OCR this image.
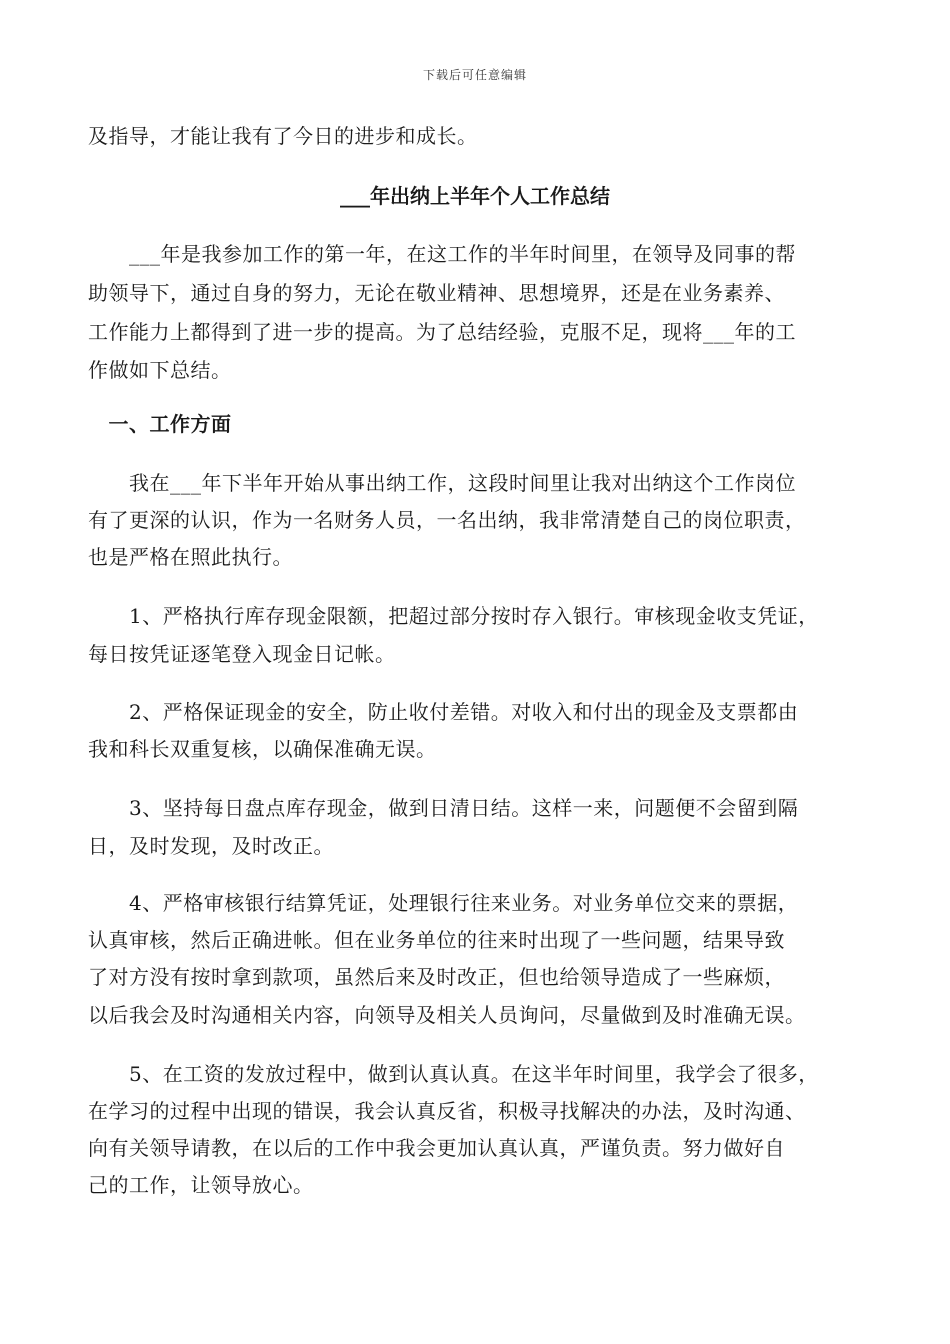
下载后可任意编辑
及指导，才能让我有了今日的进步和成长。
___年出纳上半年个人工作总结
　　___年是我参加工作的第一年，在这工作的半年时间里，在领导及同事的帮
助领导下，通过自身的努力，无论在敬业精神、思想境界，还是在业务素养、
工作能力上都得到了进一步的提高。为了总结经验，克服不足，现将___年的工
作做如下总结。
　一、工作方面
　　我在___年下半年开始从事出纳工作，这段时间里让我对出纳这个工作岗位
有了更深的认识，作为一名财务人员，一名出纳，我非常清楚自己的岗位职责，
也是严格在照此执行。
　　1、严格执行库存现金限额，把超过部分按时存入银行。审核现金收支凭证，
每日按凭证逐笔登入现金日记帐。
　　2、严格保证现金的安全，防止收付差错。对收入和付出的现金及支票都由
我和科长双重复核，以确保准确无误。
　　3、坚持每日盘点库存现金，做到日清日结。这样一来，问题便不会留到隔
日，及时发现，及时改正。
　　4、严格审核银行结算凭证，处理银行往来业务。对业务单位交来的票据，
认真审核，然后正确进帐。但在业务单位的往来时出现了一些问题，结果导致
了对方没有按时拿到款项，虽然后来及时改正，但也给领导造成了一些麻烦，
以后我会及时沟通相关内容，向领导及相关人员询问，尽量做到及时准确无误。
　　5、在工资的发放过程中，做到认真认真。在这半年时间里，我学会了很多，
在学习的过程中出现的错误，我会认真反省，积极寻找解决的办法，及时沟通、
向有关领导请教，在以后的工作中我会更加认真认真，严谨负责。努力做好自
己的工作，让领导放心。
